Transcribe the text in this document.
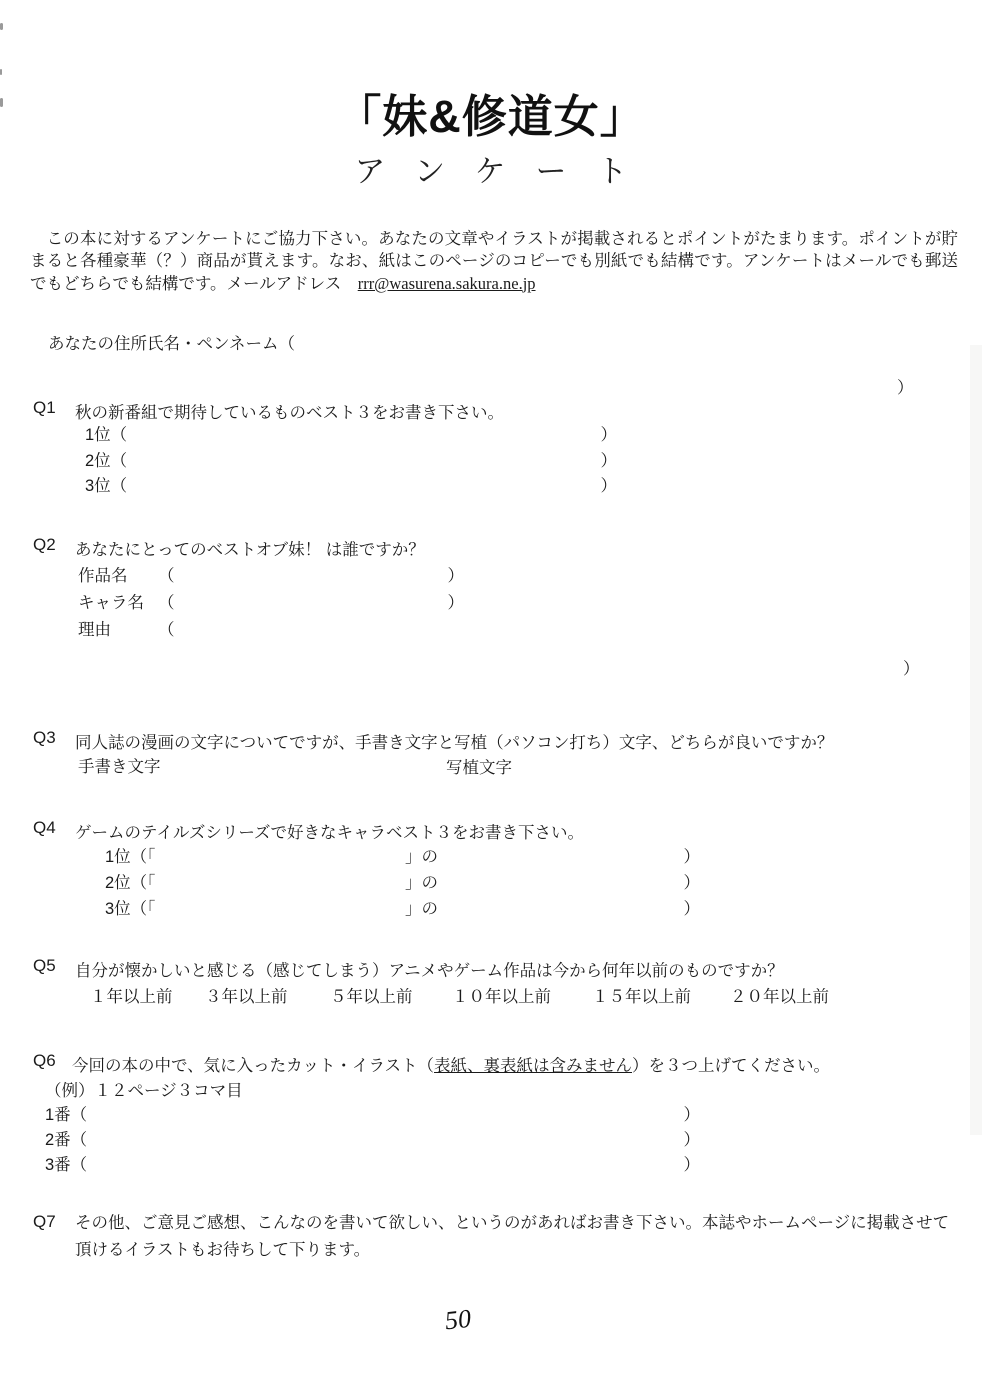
「妹&修道女」
アンケート
　この本に対するアンケートにご協力下さい。あなたの文章やイラストが掲載されるとポイントがたまります。ポイントが貯まると各種豪華（？）商品が貰えます。なお、紙はこのページのコピーでも別紙でも結構です。アンケートはメールでも郵送でもどちらでも結構です。メールアドレス　rrr@wasurena.sakura.ne.jp
あなたの住所氏名・ペンネーム（
）
Q1 秋の新番組で期待しているものベスト３をお書き下さい。
1位（	）
2位（	）
3位（	）
Q2 あなたにとってのベストオブ妹！ は誰ですか？
作品名 （	）
キャラ名 （	）
理由	（
）
Q3 同人誌の漫画の文字についてですが、手書き文字と写植（パソコン打ち）文字、どちらが良いですか？
手書き文字	写植文字
Q4 ゲームのテイルズシリーズで好きなキャラベスト３をお書き下さい。
1位（「	」の	）
2位（「	」の	）
3位（「	」の	）
Q5 自分が懐かしいと感じる（感じてしまう）アニメやゲーム作品は今から何年以前のものですか？
１年以上前 ３年以上前	５年以上前 １０年以上前 １５年以上前 ２０年以上前
Q6 今回の本の中で、気に入ったカット・イラスト（表紙、裏表紙は含みません）を３つ上げてください。
（例）１２ページ３コマ目
1番（	）
2番（	）
3番（	）
Q7 その他、ご意見ご感想、こんなのを書いて欲しい、というのがあればお書き下さい。本誌やホームページに掲載させて頂けるイラストもお待ちして下ります。
50
